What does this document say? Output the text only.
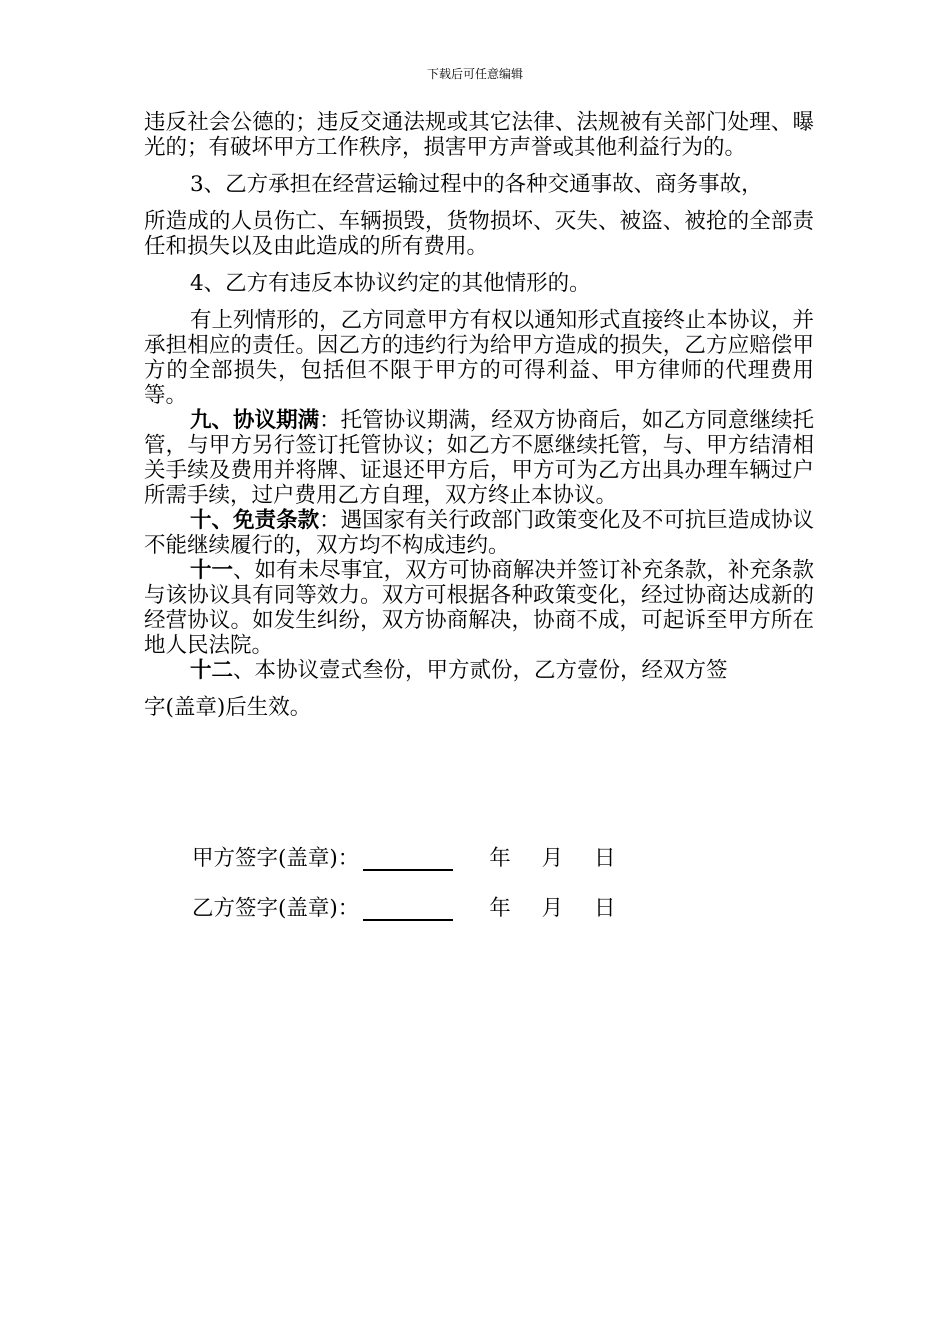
下载后可任意编辑

违反社会公德的；违反交通法规或其它法律、法规被有关部门处理、曝光的；有破坏甲方工作秩序，损害甲方声誉或其他利益行为的。

3、乙方承担在经营运输过程中的各种交通事故、商务事故，

所造成的人员伤亡、车辆损毁，货物损坏、灭失、被盗、被抢的全部责任和损失以及由此造成的所有费用。

4、乙方有违反本协议约定的其他情形的。

有上列情形的，乙方同意甲方有权以通知形式直接终止本协议，并承担相应的责任。因乙方的违约行为给甲方造成的损失，乙方应赔偿甲方的全部损失，包括但不限于甲方的可得利益、甲方律师的代理费用等。

九、协议期满：托管协议期满，经双方协商后，如乙方同意继续托管，与甲方另行签订托管协议；如乙方不愿继续托管，与、甲方结清相关手续及费用并将牌、证退还甲方后，甲方可为乙方出具办理车辆过户所需手续，过户费用乙方自理，双方终止本协议。

十、免责条款：遇国家有关行政部门政策变化及不可抗巨造成协议不能继续履行的，双方均不构成违约。

十一、如有未尽事宜，双方可协商解决并签订补充条款，补充条款与该协议具有同等效力。双方可根据各种政策变化，经过协商达成新的经营协议。如发生纠纷，双方协商解决，协商不成，可起诉至甲方所在地人民法院。

十二、本协议壹式叁份，甲方贰份，乙方壹份，经双方签

字(盖章)后生效。

甲方签字(盖章)：	年 月 日
乙方签字(盖章)：	年 月 日
